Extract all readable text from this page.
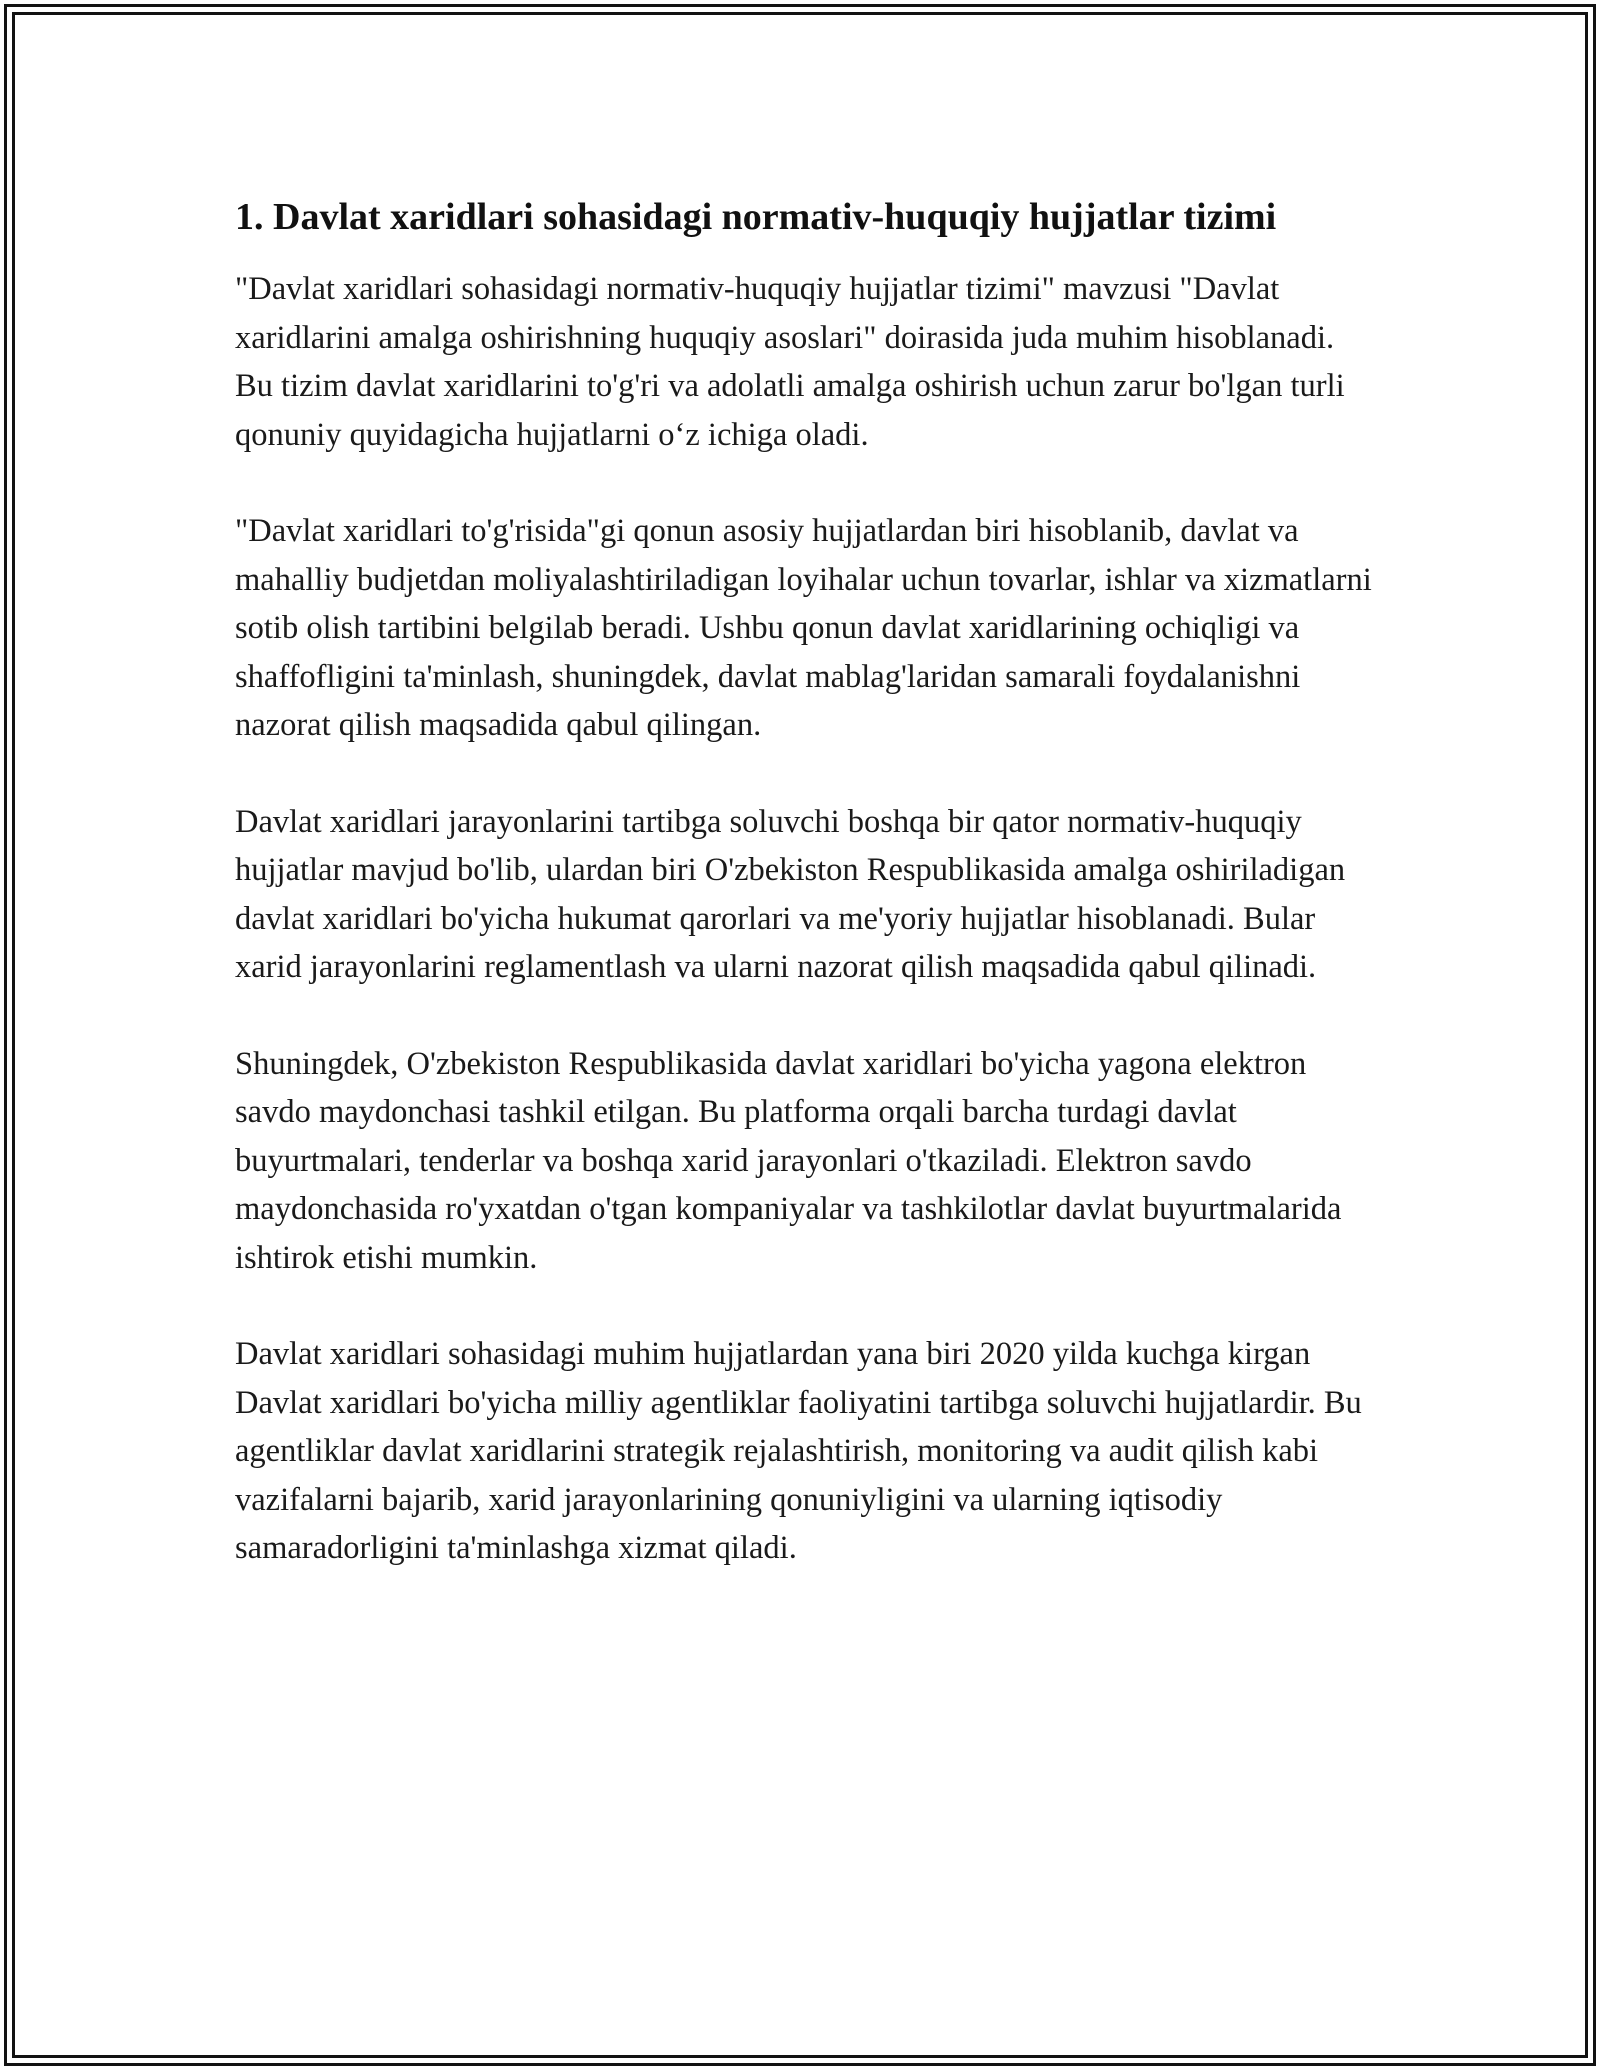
1. Davlat xaridlari sohasidagi normativ-huquqiy hujjatlar tizimi

"Davlat xaridlari sohasidagi normativ-huquqiy hujjatlar tizimi" mavzusi "Davlat xaridlarini amalga oshirishning huquqiy asoslari" doirasida juda muhim hisoblanadi. Bu tizim davlat xaridlarini to'g'ri va adolatli amalga oshirish uchun zarur bo'lgan turli qonuniy quyidagicha hujjatlarni o‘z ichiga oladi.

"Davlat xaridlari to'g'risida"gi qonun asosiy hujjatlardan biri hisoblanib, davlat va mahalliy budjetdan moliyalashtiriladigan loyihalar uchun tovarlar, ishlar va xizmatlarni sotib olish tartibini belgilab beradi. Ushbu qonun davlat xaridlarining ochiqligi va shaffofligini ta'minlash, shuningdek, davlat mablag'laridan samarali foydalanishni nazorat qilish maqsadida qabul qilingan.

Davlat xaridlari jarayonlarini tartibga soluvchi boshqa bir qator normativ-huquqiy hujjatlar mavjud bo'lib, ulardan biri O'zbekiston Respublikasida amalga oshiriladigan davlat xaridlari bo'yicha hukumat qarorlari va me'yoriy hujjatlar hisoblanadi. Bular xarid jarayonlarini reglamentlash va ularni nazorat qilish maqsadida qabul qilinadi.

Shuningdek, O'zbekiston Respublikasida davlat xaridlari bo'yicha yagona elektron savdo maydonchasi tashkil etilgan. Bu platforma orqali barcha turdagi davlat buyurtmalari, tenderlar va boshqa xarid jarayonlari o'tkaziladi. Elektron savdo maydonchasida ro'yxatdan o'tgan kompaniyalar va tashkilotlar davlat buyurtmalarida ishtirok etishi mumkin.

Davlat xaridlari sohasidagi muhim hujjatlardan yana biri 2020 yilda kuchga kirgan Davlat xaridlari bo'yicha milliy agentliklar faoliyatini tartibga soluvchi hujjatlardir. Bu agentliklar davlat xaridlarini strategik rejalashtirish, monitoring va audit qilish kabi vazifalarni bajarib, xarid jarayonlarining qonuniyligini va ularning iqtisodiy samaradorligini ta'minlashga xizmat qiladi.
